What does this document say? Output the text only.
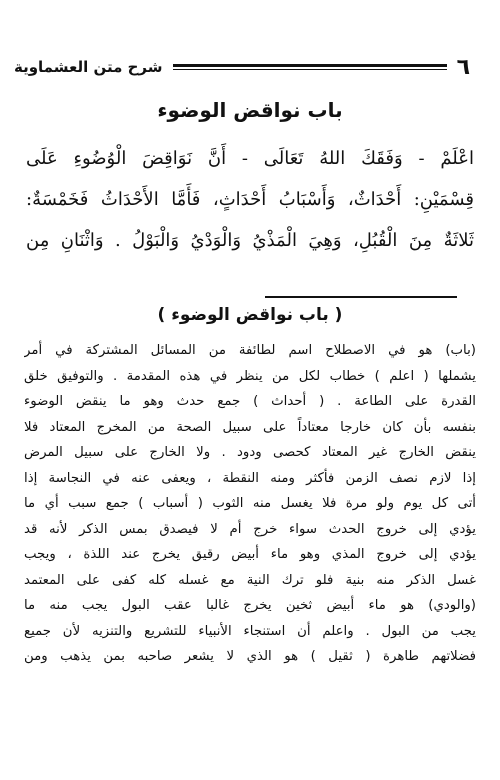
٦
شرح متن العشماوية
باب نواقض الوضوء
اعْلَمْ - وَفَقَكَ اللهُ تَعَالَى - أَنَّ نَوَاقِضَ الْوُضُوءِ عَلَى
قِسْمَيْنِ: أَحْدَاثٌ، وَأَسْبَابُ أَحْدَاثٍ، فَأَمَّا الأَحْدَاثُ فَخَمْسَةٌ:
ثَلاثَةٌ مِنَ الْقُبُلِ، وَهِيَ الْمَذْيُ وَالْوَدْيُ وَالْبَوْلُ . وَاثْنَانِ مِن
( باب نواقض الوضوء )
(باب) هو في الاصطلاح اسم لطائفة من المسائل المشتركة في أمر
يشملها ( اعلم ) خطاب لكل من ينظر في هذه المقدمة . والتوفيق خلق
القدرة على الطاعة . ( أحداث ) جمع حدث وهو ما ينقض الوضوء
بنفسه بأن كان خارجا معتاداً على سبيل الصحة من المخرج المعتاد فلا
ينقض الخارج غير المعتاد كحصى ودود . ولا الخارج على سبيل المرض
إذا لازم نصف الزمن فأكثر ومنه النقطة ، ويعفى عنه في النجاسة إذا
أتى كل يوم ولو مرة فلا يغسل منه الثوب ( أسباب ) جمع سبب أي ما
يؤدي إلى خروج الحدث سواء خرج أم لا فيصدق بمس الذكر لأنه قد
يؤدي إلى خروج المذي وهو ماء أبيض رقيق يخرج عند اللذة ، ويجب
غسل الذكر منه بنية فلو ترك النية مع غسله كله كفى على المعتمد
(والودي) هو ماء أبيض ثخين يخرج غالبا عقب البول يجب منه ما
يجب من البول . واعلم أن استنجاء الأنبياء للتشريع والتنزيه لأن جميع
فضلاتهم طاهرة ( ثقيل ) هو الذي لا يشعر صاحبه بمن يذهب ومن
